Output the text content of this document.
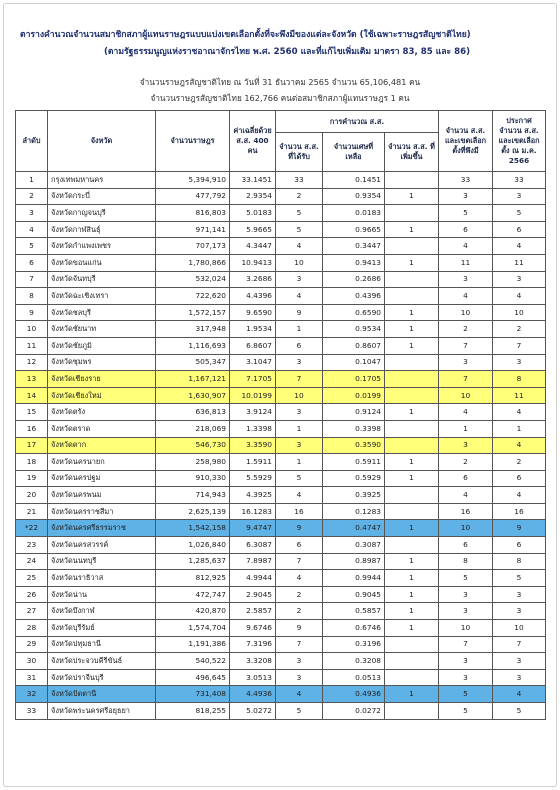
ตารางคำนวณจำนวนสมาชิกสภาผู้แทนราษฎรแบบแบ่งเขตเลือกตั้งที่จะพึงมีของแต่ละจังหวัด (ใช้เฉพาะราษฎรสัญชาติไทย)
(ตามรัฐธรรมนูญแห่งราชอาณาจักรไทย พ.ศ. 2560 และที่แก้ไขเพิ่มเติม มาตรา 83, 85 และ 86)
จำนวนราษฎรสัญชาติไทย ณ วันที่ 31 ธันวาคม 2565 จำนวน 65,106,481 คน
จำนวนราษฎรสัญชาติไทย 162,766 คนต่อสมาชิกสภาผู้แทนราษฎร 1 คน
ลำดับ	จังหวัด	จำนวนราษฎร	ค่าเฉลี่ยด้วย ส.ส. 400 คน	การคำนวณ ส.ส.			จำนวน ส.ส. และเขตเลือกตั้งที่พึงมี	ประกาศ จำนวน ส.ส. และเขตเลือกตั้ง ณ ม.ค. 2566
				จำนวน ส.ส. ที่ได้รับ	จำนวนเศษที่เหลือ	จำนวน ส.ส. ที่เพิ่มขึ้น		
1	กรุงเทพมหานคร	5,394,910	33.1451	33	0.1451		33	33
2	จังหวัดกระบี่	477,792	2.9354	2	0.9354	1	3	3
3	จังหวัดกาญจนบุรี	816,803	5.0183	5	0.0183		5	5
4	จังหวัดกาฬสินธุ์	971,141	5.9665	5	0.9665	1	6	6
5	จังหวัดกำแพงเพชร	707,173	4.3447	4	0.3447		4	4
6	จังหวัดขอนแก่น	1,780,866	10.9413	10	0.9413	1	11	11
7	จังหวัดจันทบุรี	532,024	3.2686	3	0.2686		3	3
8	จังหวัดฉะเชิงเทรา	722,620	4.4396	4	0.4396		4	4
9	จังหวัดชลบุรี	1,572,157	9.6590	9	0.6590	1	10	10
10	จังหวัดชัยนาท	317,948	1.9534	1	0.9534	1	2	2
11	จังหวัดชัยภูมิ	1,116,693	6.8607	6	0.8607	1	7	7
12	จังหวัดชุมพร	505,347	3.1047	3	0.1047		3	3
13	จังหวัดเชียงราย	1,167,121	7.1705	7	0.1705		7	8
14	จังหวัดเชียงใหม่	1,630,907	10.0199	10	0.0199		10	11
15	จังหวัดตรัง	636,813	3.9124	3	0.9124	1	4	4
16	จังหวัดตราด	218,069	1.3398	1	0.3398		1	1
17	จังหวัดตาก	546,730	3.3590	3	0.3590		3	4
18	จังหวัดนครนายก	258,980	1.5911	1	0.5911	1	2	2
19	จังหวัดนครปฐม	910,330	5.5929	5	0.5929	1	6	6
20	จังหวัดนครพนม	714,943	4.3925	4	0.3925		4	4
21	จังหวัดนครราชสีมา	2,625,139	16.1283	16	0.1283		16	16
*22	จังหวัดนครศรีธรรมราช	1,542,158	9.4747	9	0.4747	1	10	9
23	จังหวัดนครสวรรค์	1,026,840	6.3087	6	0.3087		6	6
24	จังหวัดนนทบุรี	1,285,637	7.8987	7	0.8987	1	8	8
25	จังหวัดนราธิวาส	812,925	4.9944	4	0.9944	1	5	5
26	จังหวัดน่าน	472,747	2.9045	2	0.9045	1	3	3
27	จังหวัดบึงกาฬ	420,870	2.5857	2	0.5857	1	3	3
28	จังหวัดบุรีรัมย์	1,574,704	9.6746	9	0.6746	1	10	10
29	จังหวัดปทุมธานี	1,191,386	7.3196	7	0.3196		7	7
30	จังหวัดประจวบคีรีขันธ์	540,522	3.3208	3	0.3208		3	3
31	จังหวัดปราจีนบุรี	496,645	3.0513	3	0.0513		3	3
32	จังหวัดปัตตานี	731,408	4.4936	4	0.4936	1	5	4
33	จังหวัดพระนครศรีอยุธยา	818,255	5.0272	5	0.0272		5	5
